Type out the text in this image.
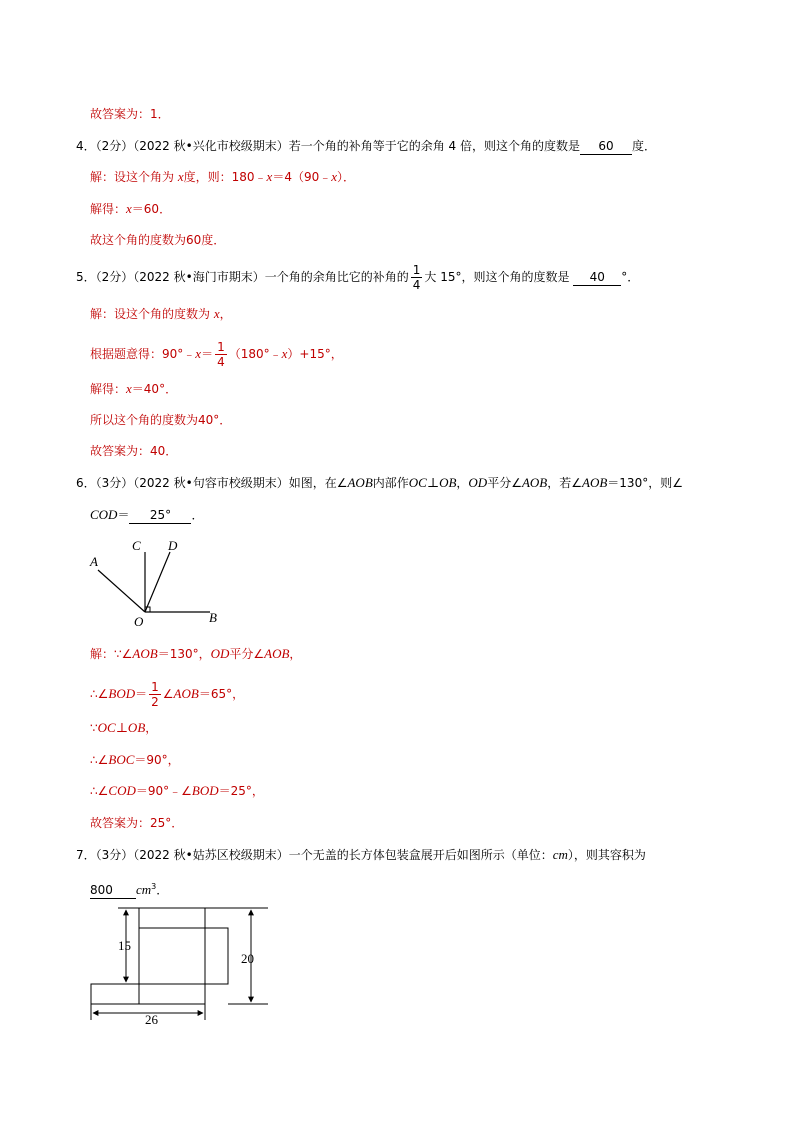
故答案为：1．
4．（2分）（2022 秋•兴化市校级期末）若一个角的补角等于它的余角 4 倍，则这个角的度数是 60 度．
解：设这个角为 x度，则：180﹣x＝4（90﹣x）．
解得：x＝60．
故这个角的度数为60度．
5．（2分）（2022 秋•海门市期末）一个角的余角比它的补角的 $\frac{1}{4}$ 大 15°，则这个角的度数是 40 °．
解：设这个角的度数为 x，
根据题意得：90°﹣x＝ $\frac{1}{4}$ （180°﹣x）+15°，
解得：x＝40°．
所以这个角的度数为40°．
故答案为：40．
6．（3分）（2022 秋•句容市校级期末）如图，在∠AOB内部作OC⊥OB，OD平分∠AOB，若∠AOB＝130°，则∠
COD＝ 25° ．
A
C D
O	B
解：∵∠AOB＝130°，OD平分∠AOB，
∴∠BOD＝ $\frac{1}{2}$ ∠AOB＝65°，
∵OC⊥OB，
∴∠BOC＝90°，
∴∠COD＝90°﹣∠BOD＝25°，
故答案为：25°．
7．（3分）（2022 秋•姑苏区校级期末）一个无盖的长方体包装盒展开后如图所示（单位：cm），则其容积为
800 $cm^3$．
15
20
26
